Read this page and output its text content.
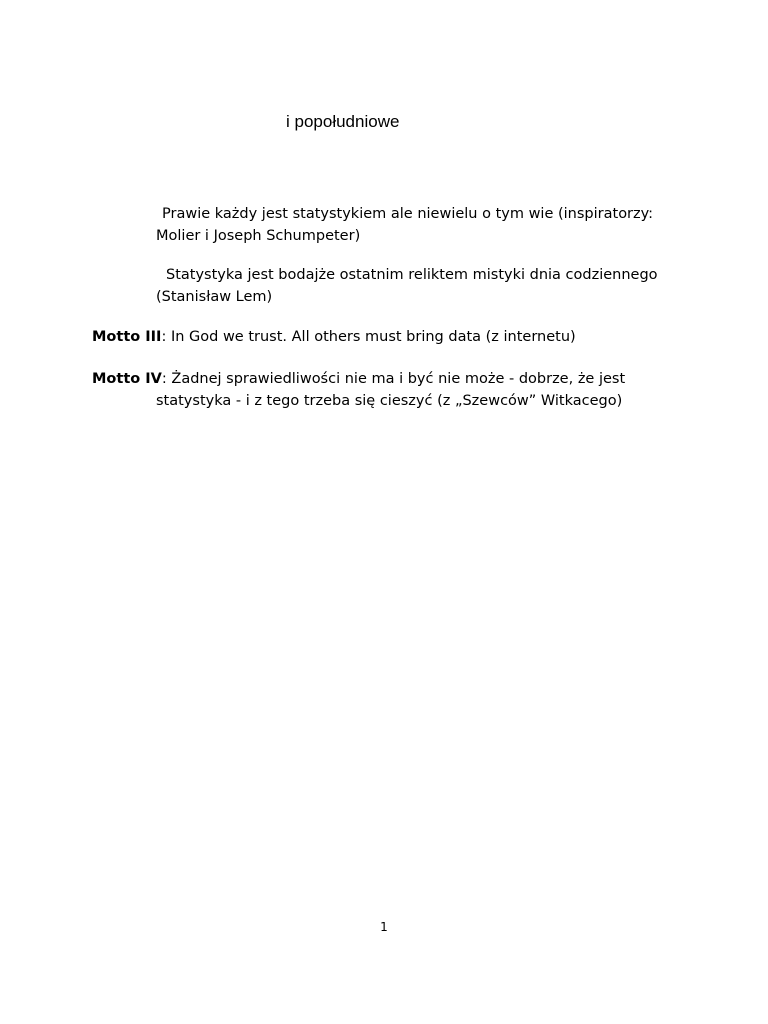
i popołudniowe
Prawie każdy jest statystykiem ale niewielu o tym wie (inspiratorzy:
Molier i Joseph Schumpeter)
Statystyka jest bodajże ostatnim reliktem mistyki dnia codziennego
(Stanisław Lem)
Motto III: In God we trust. All others must bring data (z internetu)
Motto IV: Żadnej sprawiedliwości nie ma i być nie może - dobrze, że jest
statystyka - i z tego trzeba się cieszyć (z „Szewców” Witkacego)
1
